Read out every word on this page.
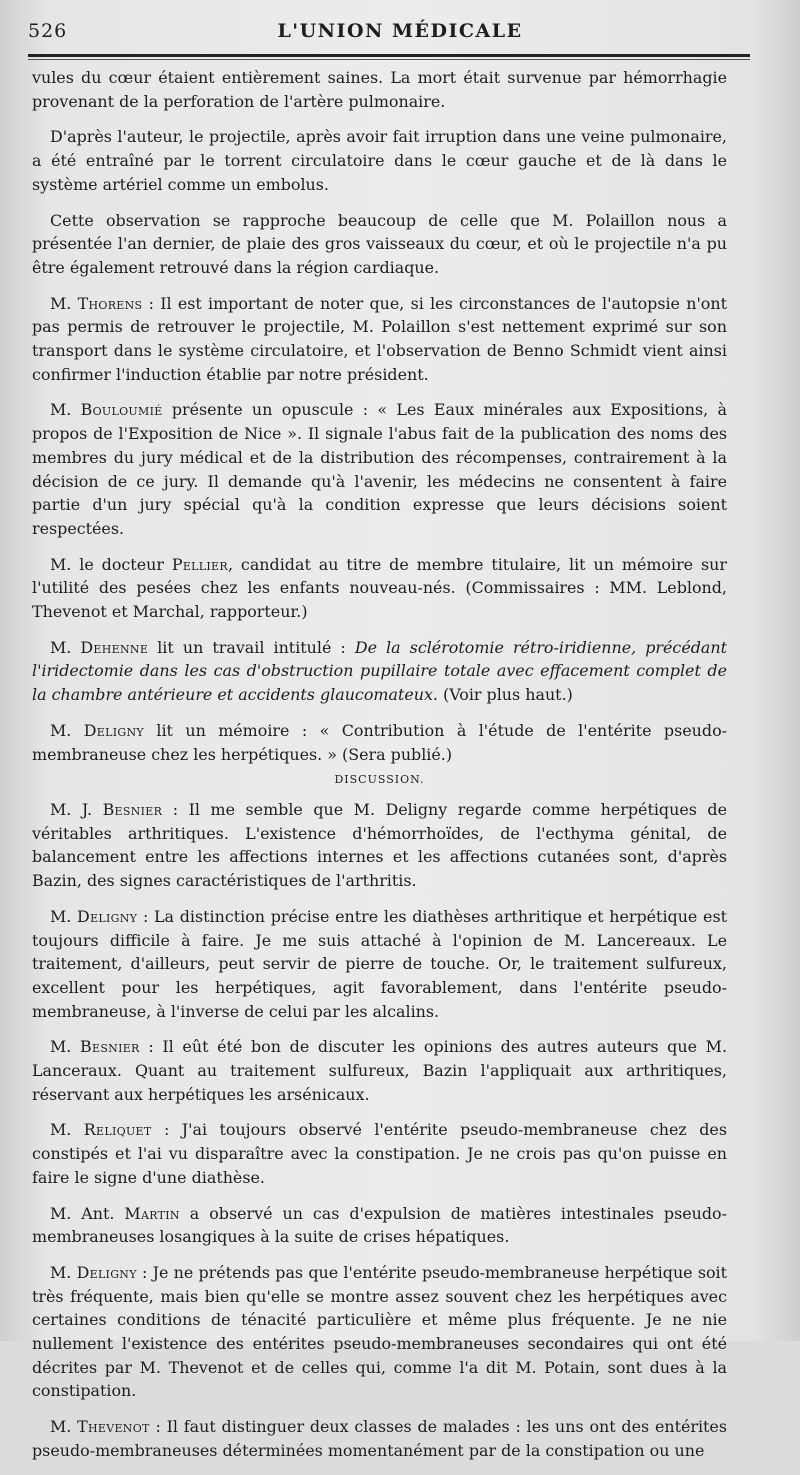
526	L'UNION MÉDICALE

vules du cœur étaient entièrement saines. La mort était survenue par hémorrhagie provenant de la perforation de l'artère pulmonaire.

D'après l'auteur, le projectile, après avoir fait irruption dans une veine pulmonaire, a été entraîné par le torrent circulatoire dans le cœur gauche et de là dans le système artériel comme un embolus.

Cette observation se rapproche beaucoup de celle que M. Polaillon nous a présentée l'an dernier, de plaie des gros vaisseaux du cœur, et où le projectile n'a pu être également retrouvé dans la région cardiaque.

M. Thorens : Il est important de noter que, si les circonstances de l'autopsie n'ont pas permis de retrouver le projectile, M. Polaillon s'est nettement exprimé sur son transport dans le système circulatoire, et l'observation de Benno Schmidt vient ainsi confirmer l'induction établie par notre président.

M. Bouloumié présente un opuscule : « Les Eaux minérales aux Expositions, à propos de l'Exposition de Nice ». Il signale l'abus fait de la publication des noms des membres du jury médical et de la distribution des récompenses, contrairement à la décision de ce jury. Il demande qu'à l'avenir, les médecins ne consentent à faire partie d'un jury spécial qu'à la condition expresse que leurs décisions soient respectées.

M. le docteur Pellier, candidat au titre de membre titulaire, lit un mémoire sur l'utilité des pesées chez les enfants nouveau-nés. (Commissaires : MM. Leblond, Thevenot et Marchal, rapporteur.)

M. Dehenne lit un travail intitulé : De la sclérotomie rétro-iridienne, précédant l'iridectomie dans les cas d'obstruction pupillaire totale avec effacement complet de la chambre antérieure et accidents glaucomateux. (Voir plus haut.)

M. Deligny lit un mémoire : « Contribution à l'étude de l'entérite pseudo-membraneuse chez les herpétiques. » (Sera publié.)

DISCUSSION.

M. J. Besnier : Il me semble que M. Deligny regarde comme herpétiques de véritables arthritiques. L'existence d'hémorrhoïdes, de l'ecthyma génital, de balancement entre les affections internes et les affections cutanées sont, d'après Bazin, des signes caractéristiques de l'arthritis.

M. Deligny : La distinction précise entre les diathèses arthritique et herpétique est toujours difficile à faire. Je me suis attaché à l'opinion de M. Lancereaux. Le traitement, d'ailleurs, peut servir de pierre de touche. Or, le traitement sulfureux, excellent pour les herpétiques, agit favorablement, dans l'entérite pseudo-membraneuse, à l'inverse de celui par les alcalins.

M. Besnier : Il eût été bon de discuter les opinions des autres auteurs que M. Lanceraux. Quant au traitement sulfureux, Bazin l'appliquait aux arthritiques, réservant aux herpétiques les arsénicaux.

M. Reliquet : J'ai toujours observé l'entérite pseudo-membraneuse chez des constipés et l'ai vu disparaître avec la constipation. Je ne crois pas qu'on puisse en faire le signe d'une diathèse.

M. Ant. Martin a observé un cas d'expulsion de matières intestinales pseudo-membraneuses losangiques à la suite de crises hépatiques.

M. Deligny : Je ne prétends pas que l'entérite pseudo-membraneuse herpétique soit très fréquente, mais bien qu'elle se montre assez souvent chez les herpétiques avec certaines conditions de ténacité particulière et même plus fréquente. Je ne nie nullement l'existence des entérites pseudo-membraneuses secondaires qui ont été décrites par M. Thevenot et de celles qui, comme l'a dit M. Potain, sont dues à la constipation.

M. Thevenot : Il faut distinguer deux classes de malades : les uns ont des entérites pseudo-membraneuses déterminées momentanément par de la constipation ou une
